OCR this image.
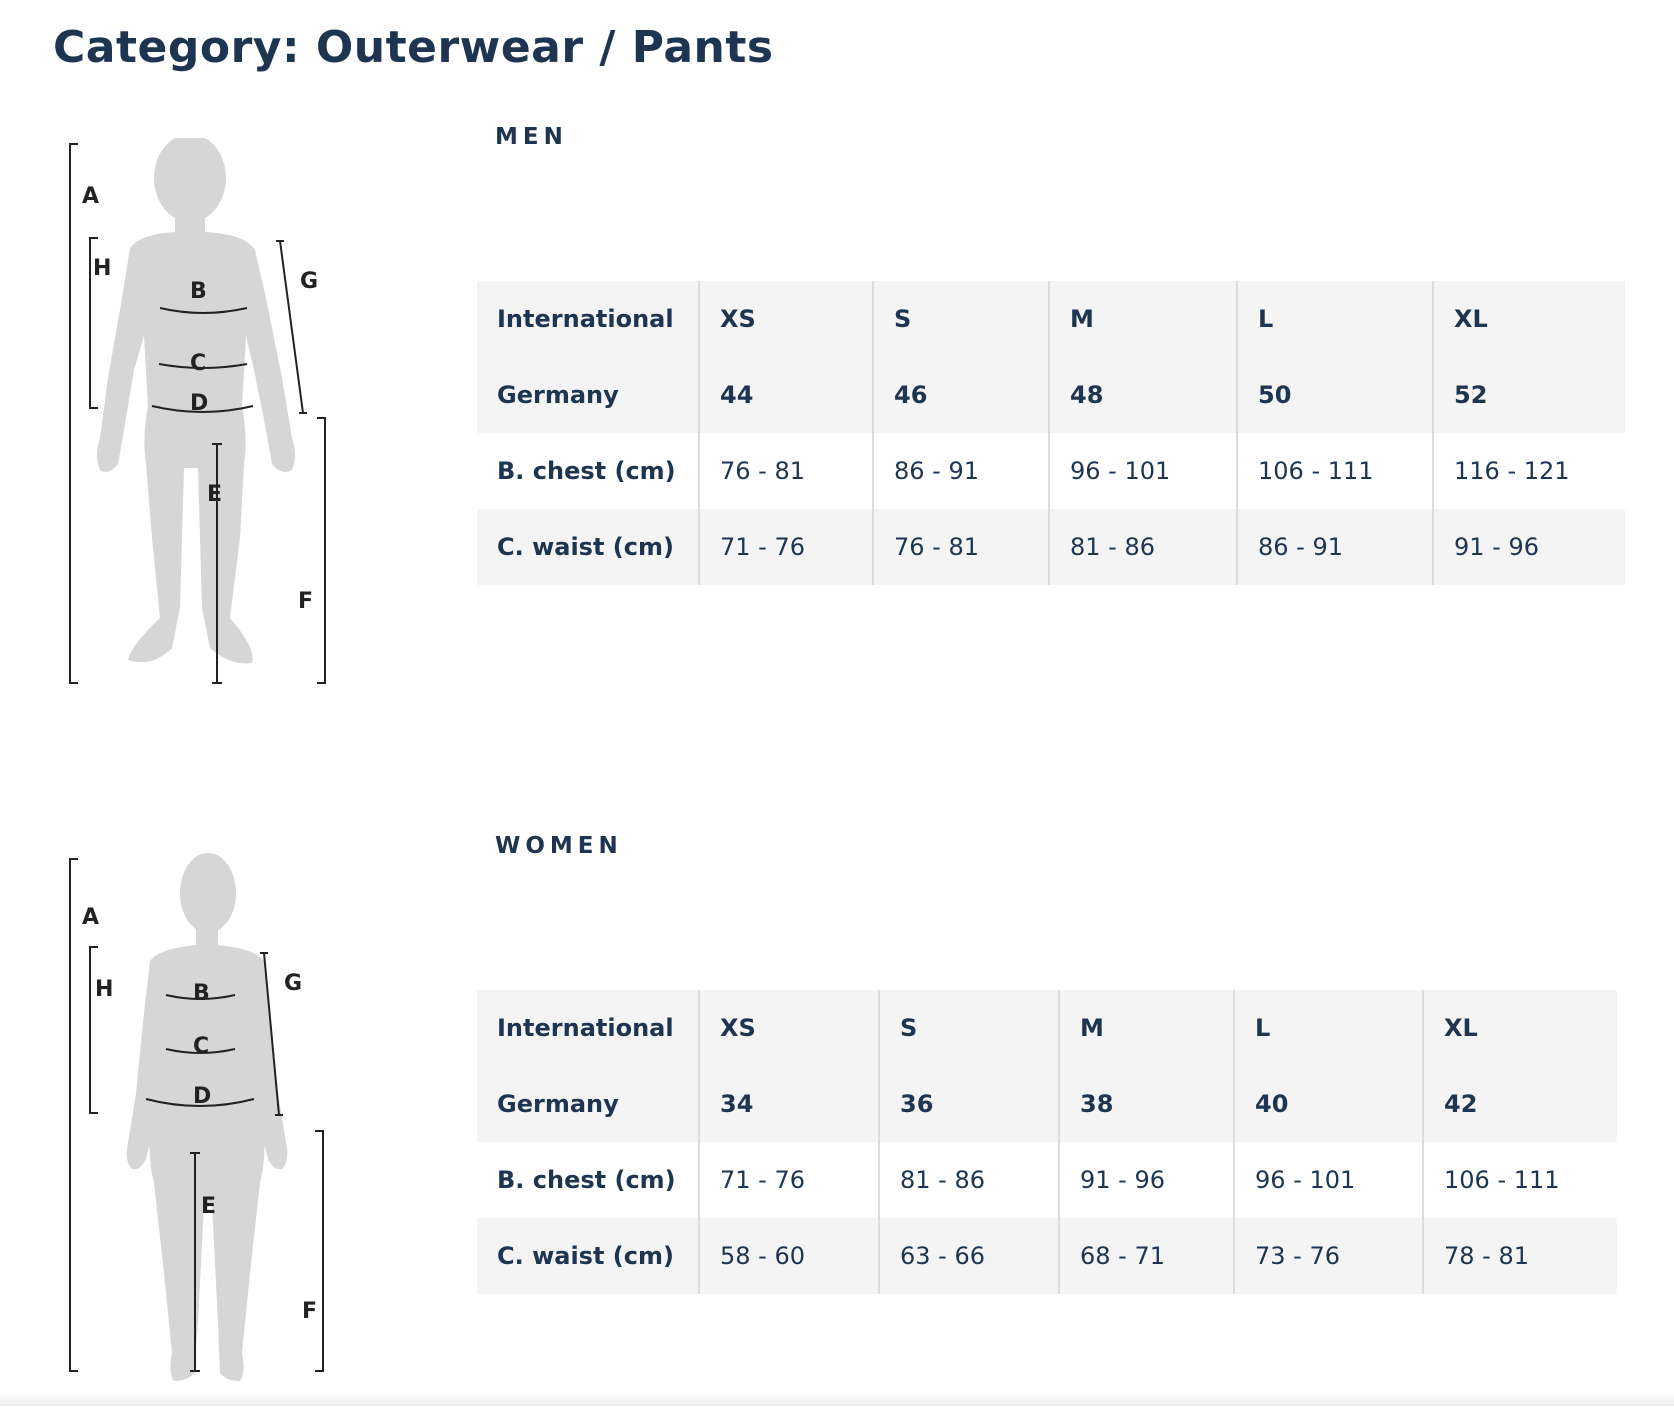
Category: Outerwear / Pants
MEN
A
H
B
C
D
E
F
G
International	XS	S	M	L	XL
Germany	44	46	48	50	52
B. chest (cm)	76 - 81	86 - 91	96 - 101	106 - 111	116 - 121
C. waist (cm)	71 - 76	76 - 81	81 - 86	86 - 91	91 - 96
WOMEN
A
H	B
C
D
E
F
G
International	XS	S	M	L	XL
Germany	34	36	38	40	42
B. chest (cm)	71 - 76	81 - 86	91 - 96	96 - 101	106 - 111
C. waist (cm)	58 - 60	63 - 66	68 - 71	73 - 76	78 - 81
